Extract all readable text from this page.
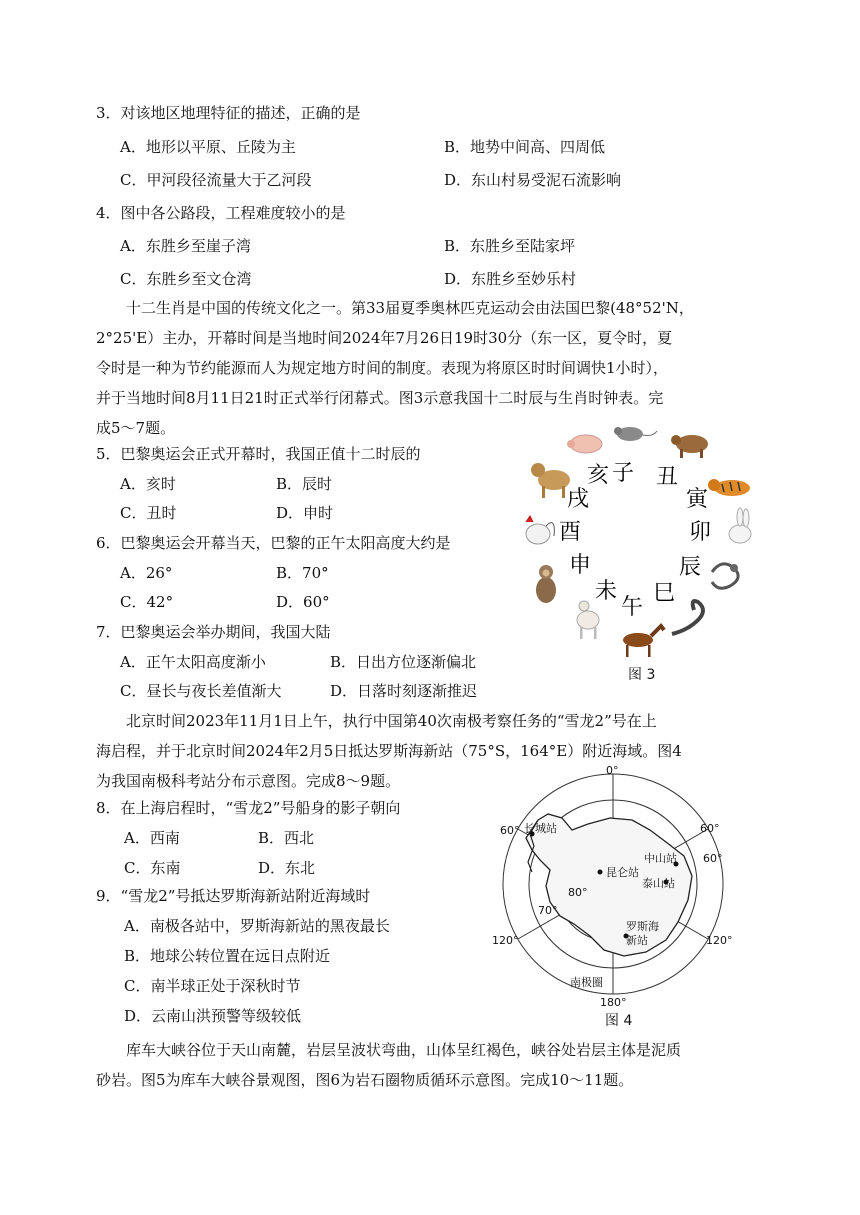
3．对该地区地理特征的描述，正确的是
A．地形以平原、丘陵为主	B．地势中间高、四周低
C．甲河段径流量大于乙河段	D．东山村易受泥石流影响
4．图中各公路段，工程难度较小的是
A．东胜乡至崖子湾	B．东胜乡至陆家坪
C．东胜乡至文仓湾	D．东胜乡至妙乐村
十二生肖是中国的传统文化之一。第33届夏季奥林匹克运动会由法国巴黎(48°52'N，
2°25'E）主办，开幕时间是当地时间2024年7月26日19时30分（东一区，夏令时，夏
令时是一种为节约能源而人为规定地方时间的制度。表现为将原区时时间调快1小时），
并于当地时间8月11日21时正式举行闭幕式。图3示意我国十二时辰与生肖时钟表。完
成5～7题。
5．巴黎奥运会正式开幕时，我国正值十二时辰的
A．亥时	B．辰时
C．丑时	D．申时
6．巴黎奥运会开幕当天，巴黎的正午太阳高度大约是
A．26°	B．70°
C．42°	D．60°
7．巴黎奥运会举办期间，我国大陆
A．正午太阳高度渐小	B．日出方位逐渐偏北
C．昼长与夜长差值渐大	D．日落时刻逐渐推迟
子 丑
寅
卯
辰
巳
午
未
申
酉
戌
亥
图 3
北京时间2023年11月1日上午，执行中国第40次南极考察任务的“雪龙2”号在上
海启程，并于北京时间2024年2月5日抵达罗斯海新站（75°S，164°E）附近海域。图4
为我国南极科考站分布示意图。完成8～9题。
8．在上海启程时，“雪龙2”号船身的影子朝向
A．西南	B．西北
C．东南	D．东北
9．“雪龙2”号抵达罗斯海新站附近海域时
A．南极各站中，罗斯海新站的黑夜最长
B．地球公转位置在远日点附近
C．南半球正处于深秋时节
D．云南山洪预警等级较低
0°
60°	60°
60°
120°	120°
180°
80°
70°
长城站
昆仑站
中山站
泰山站
罗斯海
新站
南极圈
图 4
库车大峡谷位于天山南麓，岩层呈波状弯曲，山体呈红褐色，峡谷处岩层主体是泥质
砂岩。图5为库车大峡谷景观图，图6为岩石圈物质循环示意图。完成10～11题。
